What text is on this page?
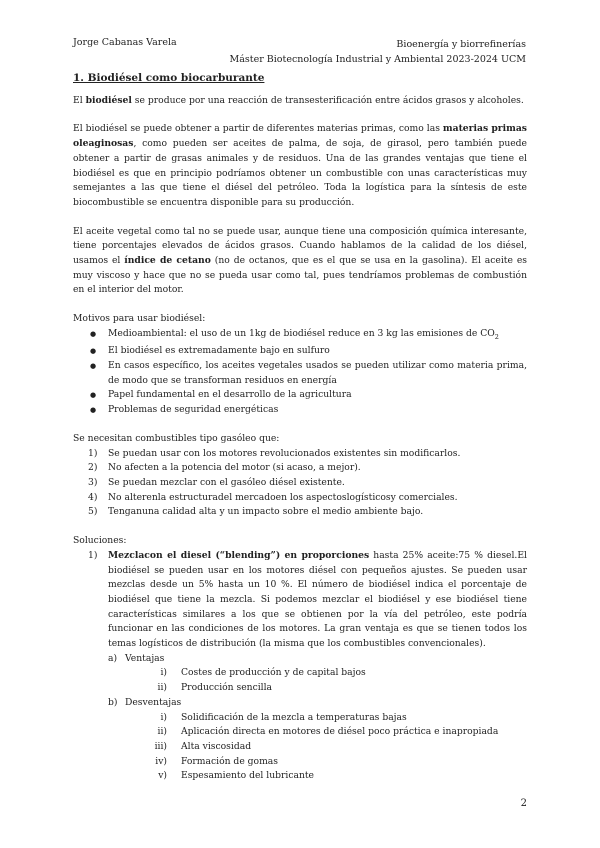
Jorge Cabanas Varela	Bioenergía y biorrefinerías
Máster Biotecnología Industrial y Ambiental 2023-2024 UCM
1. Biodiésel como biocarburante

El biodiésel se produce por una reacción de transesterificación entre ácidos grasos y alcoholes.

El biodiésel se puede obtener a partir de diferentes materias primas, como las materias primas oleaginosas, como pueden ser aceites de palma, de soja, de girasol, pero también puede obtener a partir de grasas animales y de residuos. Una de las grandes ventajas que tiene el biodiésel es que en principio podríamos obtener un combustible con unas características muy semejantes a las que tiene el diésel del petróleo. Toda la logística para la síntesis de este biocombustible se encuentra disponible para su producción.

El aceite vegetal como tal no se puede usar, aunque tiene una composición química interesante, tiene porcentajes elevados de ácidos grasos. Cuando hablamos de la calidad de los diésel, usamos el índice de cetano (no de octanos, que es el que se usa en la gasolina). El aceite es muy viscoso y hace que no se pueda usar como tal, pues tendríamos problemas de combustión en el interior del motor.

Motivos para usar biodiésel:
● Medioambiental: el uso de un 1kg de biodiésel reduce en 3 kg las emisiones de $CO_2$
● El biodiésel es extremadamente bajo en sulfuro
● En casos específico, los aceites vegetales usados se pueden utilizar como materia prima, de modo que se transforman residuos en energía
● Papel fundamental en el desarrollo de la agricultura
● Problemas de seguridad energéticas
Se necesitan combustibles tipo gasóleo que:
1) Se puedan usar con los motores revolucionados existentes sin modificarlos.
2) No afecten a la potencia del motor (si acaso, a mejor).
3) Se puedan mezclar con el gasóleo diésel existente.
4) No alterenla estructuradel mercadoen los aspectoslogísticosy comerciales.
5) Tenganuna calidad alta y un impacto sobre el medio ambiente bajo.
Soluciones:
1) Mezclacon el diesel (“blending”) en proporciones hasta 25% aceite:75 % diesel.El biodiésel se pueden usar en los motores diésel con pequeños ajustes. Se pueden usar mezclas desde un 5% hasta un 10 %. El número de biodiésel indica el porcentaje de biodiésel que tiene la mezcla. Si podemos mezclar el biodiésel y ese biodiésel tiene características similares a los que se obtienen por la vía del petróleo, este podría funcionar en las condiciones de los motores. La gran ventaja es que se tienen todos los temas logísticos de distribución (la misma que los combustibles convencionales).
a) Ventajas
i) Costes de producción y de capital bajos
ii) Producción sencilla
b) Desventajas
i) Solidificación de la mezcla a temperaturas bajas
ii) Aplicación directa en motores de diésel poco práctica e inapropiada
iii) Alta viscosidad
iv) Formación de gomas
v) Espesamiento del lubricante
2
